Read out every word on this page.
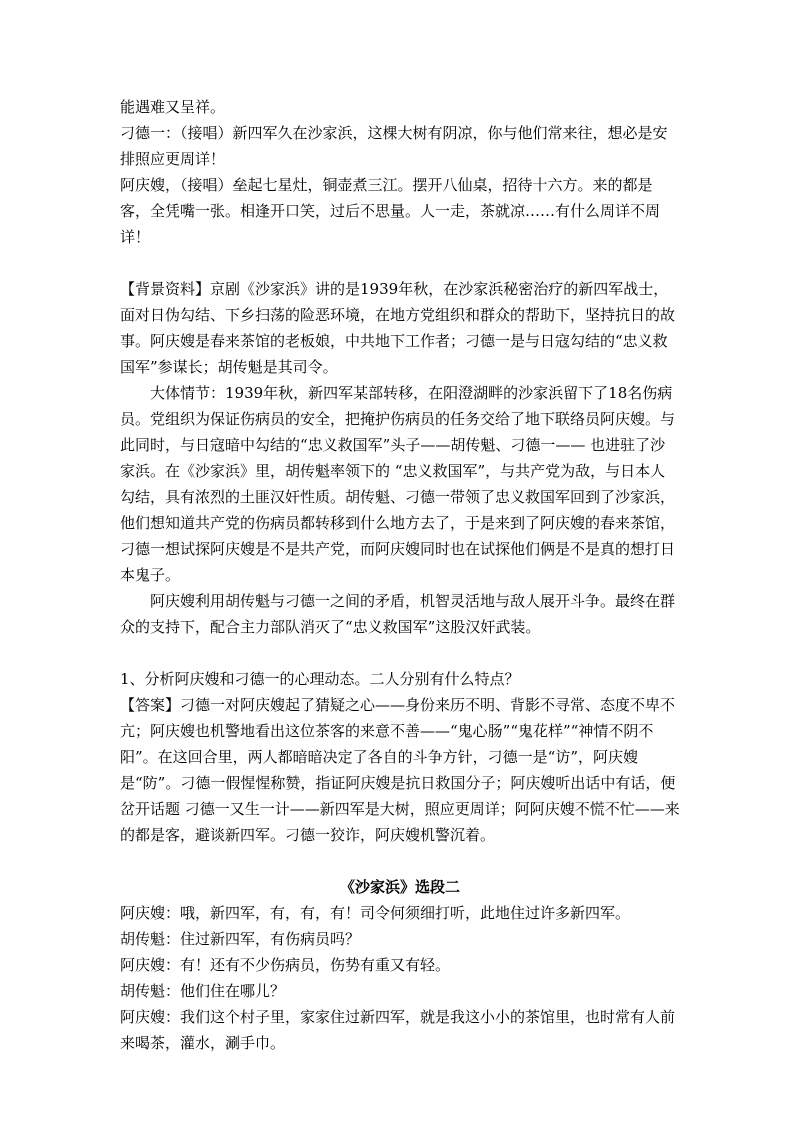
能遇难又呈祥。

刁德一：（接唱）新四军久在沙家浜，这棵大树有阴凉，你与他们常来往，想必是安排照应更周详！

阿庆嫂，（接唱）垒起七星灶，铜壶煮三江。摆开八仙桌，招待十六方。来的都是客，全凭嘴一张。相逢开口笑，过后不思量。人一走，茶就凉……有什么周详不周详！

【背景资料】京剧《沙家浜》讲的是1939年秋，在沙家浜秘密治疗的新四军战士，面对日伪勾结、下乡扫荡的险恶环境，在地方党组织和群众的帮助下，坚持抗日的故事。阿庆嫂是春来茶馆的老板娘，中共地下工作者；刁德一是与日寇勾结的“忠义救国军”参谋长；胡传魁是其司令。

大体情节：1939年秋，新四军某部转移，在阳澄湖畔的沙家浜留下了18名伤病员。党组织为保证伤病员的安全，把掩护伤病员的任务交给了地下联络员阿庆嫂。与此同时，与日寇暗中勾结的“忠义救国军”头子——胡传魁、刁德一—— 也进驻了沙家浜。在《沙家浜》里，胡传魁率领下的 “忠义救国军”，与共产党为敌，与日本人勾结，具有浓烈的土匪汉奸性质。胡传魁、刁德一带领了忠义救国军回到了沙家浜，他们想知道共产党的伤病员都转移到什么地方去了，于是来到了阿庆嫂的春来茶馆，刁德一想试探阿庆嫂是不是共产党，而阿庆嫂同时也在试探他们俩是不是真的想打日本鬼子。

阿庆嫂利用胡传魁与刁德一之间的矛盾，机智灵活地与敌人展开斗争。最终在群众的支持下，配合主力部队消灭了“忠义救国军”这股汉奸武装。

1、分析阿庆嫂和刁德一的心理动态。二人分别有什么特点？

【答案】刁德一对阿庆嫂起了猜疑之心——身份来历不明、背影不寻常、态度不卑不亢；阿庆嫂也机警地看出这位茶客的来意不善——“鬼心肠”“鬼花样”“神情不阴不阳”。在这回合里，两人都暗暗决定了各自的斗争方针，刁德一是“访”，阿庆嫂是“防”。刁德一假惺惺称赞，指证阿庆嫂是抗日救国分子；阿庆嫂听出话中有话，便岔开话题 刁德一又生一计——新四军是大树，照应更周详；阿阿庆嫂不慌不忙——来的都是客，避谈新四军。刁德一狡诈，阿庆嫂机警沉着。

《沙家浜》选段二

阿庆嫂：哦，新四军，有，有，有！司令何须细打听，此地住过许多新四军。

胡传魁：住过新四军，有伤病员吗？

阿庆嫂：有！还有不少伤病员，伤势有重又有轻。

胡传魁：他们住在哪儿？

阿庆嫂：我们这个村子里，家家住过新四军，就是我这小小的茶馆里，也时常有人前来喝茶，灌水，涮手巾。
